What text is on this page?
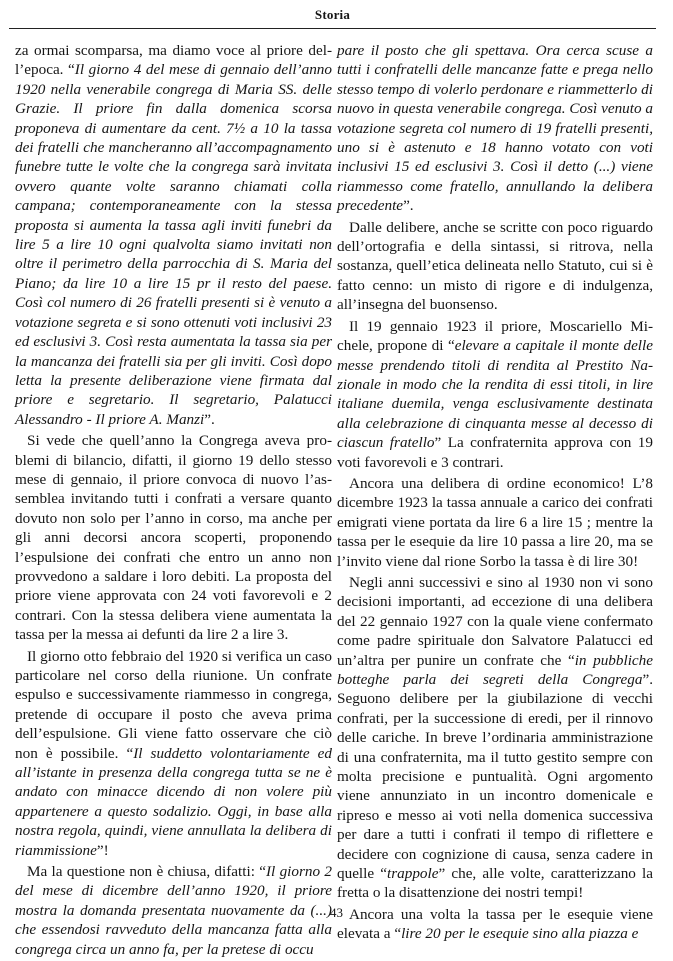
Storia

za ormai scomparsa, ma diamo voce al priore dell’epoca. “Il giorno 4 del mese di gennaio dell’anno 1920 nella venerabile congrega di Maria SS. delle Grazie. Il priore fin dalla domenica scorsa proponeva di aumentare da cent. 7½ a 10 la tassa dei fratelli che mancheranno all’accompagnamento funebre tutte le volte che la congrega sarà invitata ovvero quante volte saranno chiamati colla campana; contemporaneamente con la stessa proposta si aumenta la tassa agli inviti funebri da lire 5 a lire 10 ogni qualvolta siamo invitati non oltre il perimetro della parrocchia di S. Maria del Piano; da lire 10 a lire 15 pr il resto del paese. Così col numero di 26 fratelli presenti si è venuto a votazione segreta e si sono ottenuti voti inclusivi 23 ed esclusivi 3. Così resta aumentata la tassa sia per la mancanza dei fratelli sia per gli inviti. Così dopo letta la presente deliberazione viene firmata dal priore e segretario. Il segretario, Palatucci Alessandro - Il priore A. Manzi”.

Si vede che quell’anno la Congrega aveva problemi di bilancio, difatti, il giorno 19 dello stesso mese di gennaio, il priore convoca di nuovo l’assemblea invitando tutti i confrati a versare quanto dovuto non solo per l’anno in corso, ma anche per gli anni decorsi ancora scoperti, proponendo l’espulsione dei confrati che entro un anno non provvedono a saldare i loro debiti. La proposta del priore viene approvata con 24 voti favorevoli e 2 contrari. Con la stessa delibera viene aumentata la tassa per la messa ai defunti da lire 2 a lire 3.

Il giorno otto febbraio del 1920 si verifica un caso particolare nel corso della riunione. Un confrate espulso e successivamente riammesso in congrega, pretende di occupare il posto che aveva prima dell’espulsione. Gli viene fatto osservare che ciò non è possibile. “Il suddetto volontariamente ed all’istante in presenza della congrega tutta se ne è andato con minacce dicendo di non volere più appartenere a questo sodalizio. Oggi, in base alla nostra regola, quindi, viene annullata la delibera di riammissione”!

Ma la questione non è chiusa, difatti: “Il giorno 2 del mese di dicembre dell’anno 1920, il priore mostra la domanda presentata nuovamente da (...) che essendosi ravveduto della mancanza fatta alla congrega circa un anno fa, per la pretese di occu

pare il posto che gli spettava. Ora cerca scuse a tutti i confratelli delle mancanze fatte e prega nello stesso tempo di volerlo perdonare e riammetterlo di nuovo in questa venerabile congrega. Così venuto a votazione segreta col numero di 19 fratelli presenti, uno si è astenuto e 18 hanno votato con voti inclusivi 15 ed esclusivi 3. Così il detto (...) viene riammesso come fratello, annullando la delibera precedente”.

Dalle delibere, anche se scritte con poco riguardo dell’ortografia e della sintassi, si ritrova, nella sostanza, quell’etica delineata nello Statuto, cui si è fatto cenno: un misto di rigore e di indulgenza, all’insegna del buonsenso.

Il 19 gennaio 1923 il priore, Moscariello Michele, propone di “elevare a capitale il monte delle messe prendendo titoli di rendita al Prestito Nazionale in modo che la rendita di essi titoli, in lire italiane duemila, venga esclusivamente destinata alla celebrazione di cinquanta messe al decesso di ciascun fratello” La confraternita approva con 19 voti favorevoli e 3 contrari.

Ancora una delibera di ordine economico! L’8 dicembre 1923 la tassa annuale a carico dei confrati emigrati viene portata da lire 6 a lire 15 ; mentre la tassa per le esequie da lire 10 passa a lire 20, ma se l’invito viene dal rione Sorbo la tassa è di lire 30!

Negli anni successivi e sino al 1930 non vi sono decisioni importanti, ad eccezione di una delibera del 22 gennaio 1927 con la quale viene confermato come padre spirituale don Salvatore Palatucci ed un’altra per punire un confrate che “in pubbliche botteghe parla dei segreti della Congrega”. Seguono delibere per la giubilazione di vecchi confrati, per la successione di eredi, per il rinnovo delle cariche. In breve l’ordinaria amministrazione di una confraternita, ma il tutto gestito sempre con molta precisione e puntualità. Ogni argomento viene annunziato in un incontro domenicale e ripreso e messo ai voti nella domenica successiva per dare a tutti i confrati il tempo di riflettere e decidere con cognizione di causa, senza cadere in quelle “trappole” che, alle volte, caratterizzano la fretta o la disattenzione dei nostri tempi!

Ancora una volta la tassa per le esequie viene elevata a “lire 20 per le esequie sino alla piazza e

43
